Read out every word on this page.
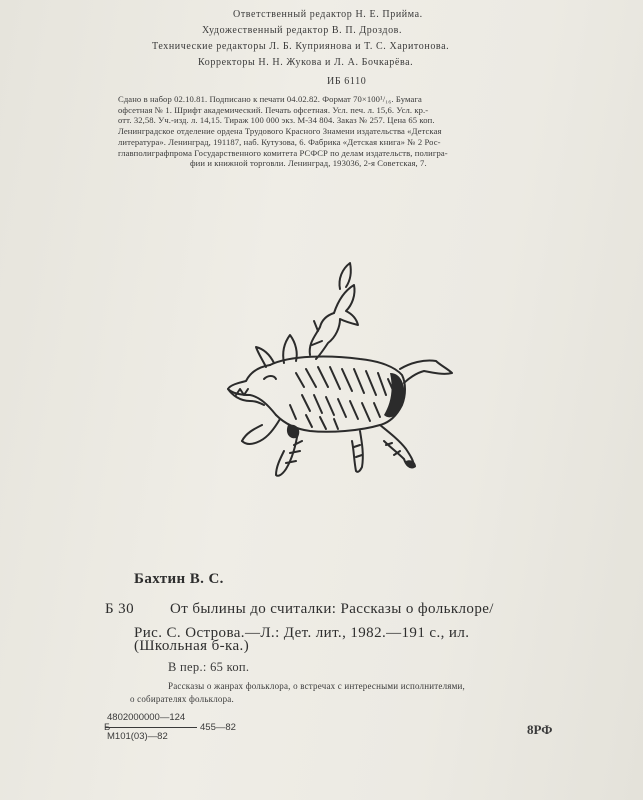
Ответственный редактор Н. Е. Прийма.
Художественный редактор В. П. Дроздов.
Технические редакторы Л. Б. Куприянова и Т. С. Харитонова.
Корректоры Н. Н. Жукова и Л. А. Бочкарёва.
ИБ 6110
Сдано в набор 02.10.81. Подписано к печати 04.02.82. Формат 70×100¹/₁₆. Бумага
офсетная № 1. Шрифт академический. Печать офсетная. Усл. печ. л. 15,6. Усл. кр.-
отт. 32,58. Уч.-изд. л. 14,15. Тираж 100 000 экз. М-34 804. Заказ № 257. Цена 65 коп.
Ленинградское отделение ордена Трудового Красного Знамени издательства «Детская
литература». Ленинград, 191187, наб. Кутузова, 6. Фабрика «Детская книга» № 2 Рос-
главполиграфпрома Государственного комитета РСФСР по делам издательств, полигра-
фии и книжной торговли. Ленинград, 193036, 2-я Советская, 7.
Бахтин В. С.
Б 30 От былины до считалки: Рассказы о фольклоре/
Рис. С. Острова.—Л.: Дет. лит., 1982.—191 с., ил.
(Школьная б-ка.)
В пер.: 65 коп.
Рассказы о жанрах фольклора, о встречах с интересными исполнителями,
о собирателях фольклора.
4802000000—124
Б	455—82
М101(03)—82	8РФ
